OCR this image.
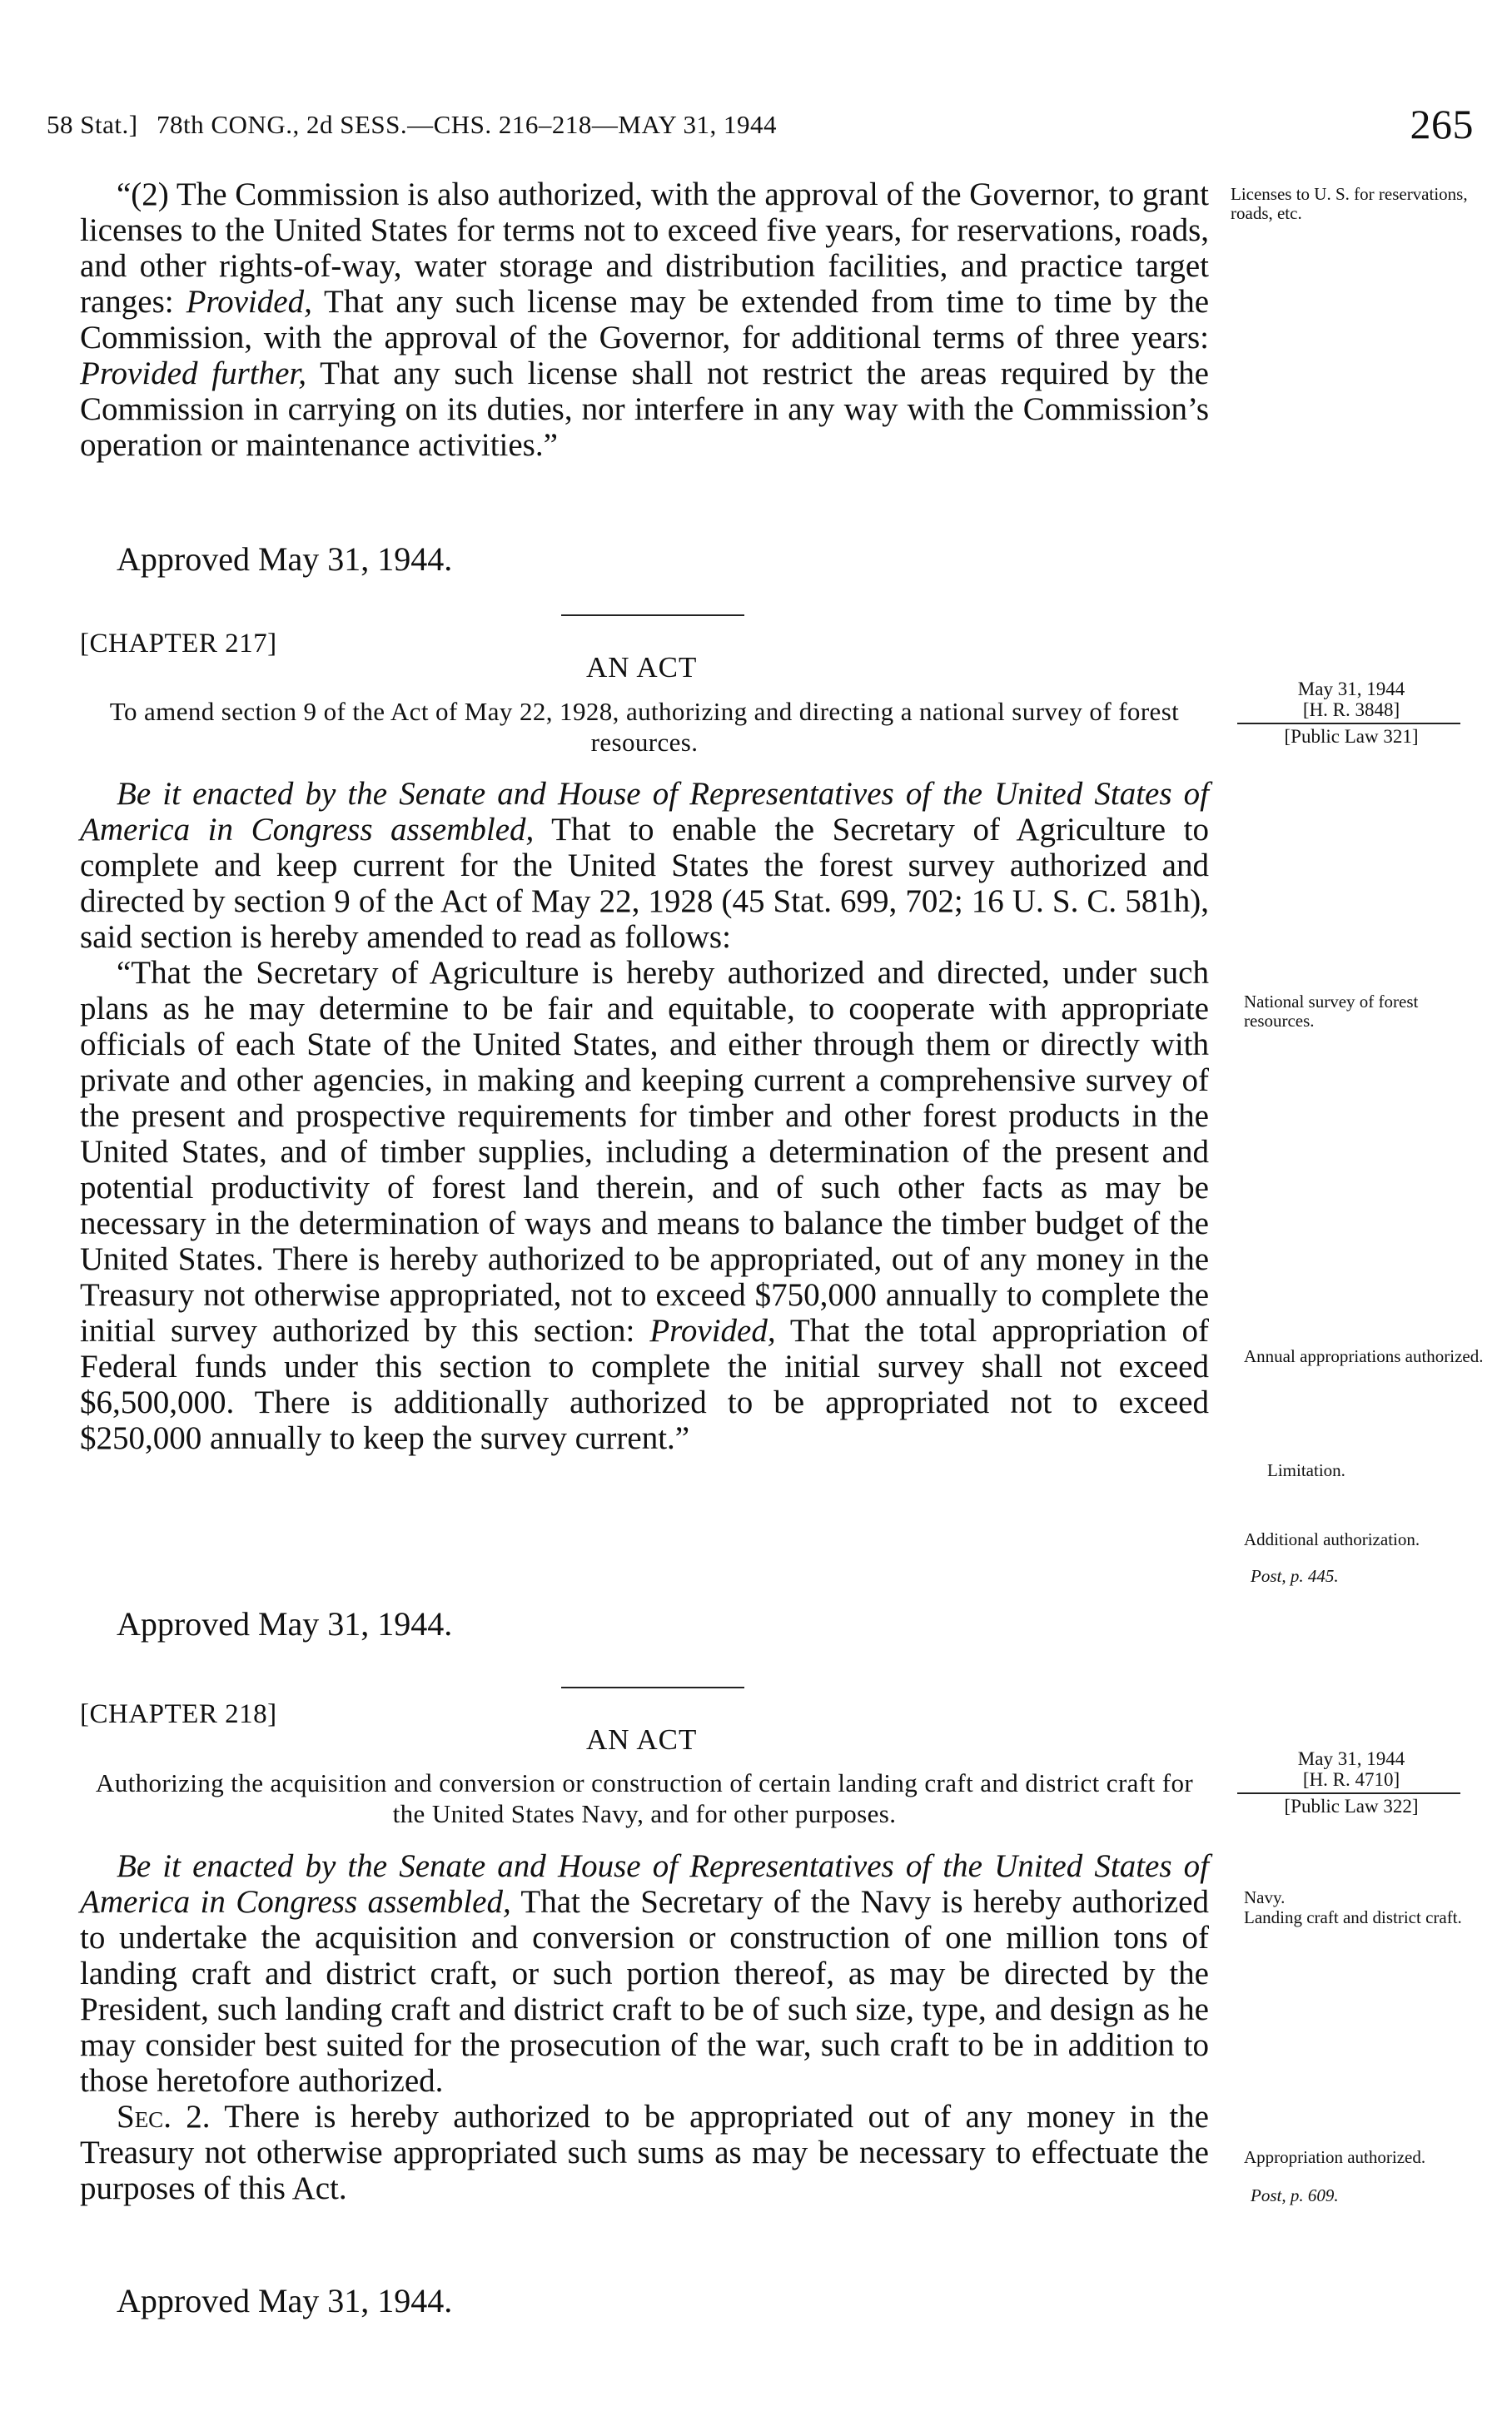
58 Stat.] 78th CONG., 2d SESS.—CHS. 216–218—MAY 31, 1944	265

“(2) The Commission is also authorized, with the approval of the Governor, to grant licenses to the United States for terms not to exceed five years, for reservations, roads, and other rights-of-way, water storage and distribution facilities, and practice target ranges: Provided, That any such license may be extended from time to time by the Commission, with the approval of the Governor, for additional terms of three years: Provided further, That any such license shall not restrict the areas required by the Commission in carrying on its duties, nor interfere in any way with the Commission’s operation or maintenance activities.”

Approved May 31, 1944.
Licenses to U. S. for reservations, roads, etc.
[CHAPTER 217]
AN ACT
To amend section 9 of the Act of May 22, 1928, authorizing and directing a national survey of forest resources.
May 31, 1944
[H. R. 3848]
[Public Law 321]

Be it enacted by the Senate and House of Representatives of the United States of America in Congress assembled, That to enable the Secretary of Agriculture to complete and keep current for the United States the forest survey authorized and directed by section 9 of the Act of May 22, 1928 (45 Stat. 699, 702; 16 U. S. C. 581h), said section is hereby amended to read as follows:

“That the Secretary of Agriculture is hereby authorized and directed, under such plans as he may determine to be fair and equitable, to cooperate with appropriate officials of each State of the United States, and either through them or directly with private and other agencies, in making and keeping current a comprehensive survey of the present and prospective requirements for timber and other forest products in the United States, and of timber supplies, including a determination of the present and potential productivity of forest land therein, and of such other facts as may be necessary in the determination of ways and means to balance the timber budget of the United States. There is hereby authorized to be appropriated, out of any money in the Treasury not otherwise appropriated, not to exceed $750,000 annually to complete the initial survey authorized by this section: Provided, That the total appropriation of Federal funds under this section to complete the initial survey shall not exceed $6,500,000. There is additionally authorized to be appropriated not to exceed $250,000 annually to keep the survey current.”

Approved May 31, 1944.
National survey of forest resources.
Annual appropriations authorized.
Limitation.
Additional authorization.
Post, p. 445.
[CHAPTER 218]
AN ACT
Authorizing the acquisition and conversion or construction of certain landing craft and district craft for the United States Navy, and for other purposes.
May 31, 1944
[H. R. 4710]
[Public Law 322]

Be it enacted by the Senate and House of Representatives of the United States of America in Congress assembled, That the Secretary of the Navy is hereby authorized to undertake the acquisition and conversion or construction of one million tons of landing craft and district craft, or such portion thereof, as may be directed by the President, such landing craft and district craft to be of such size, type, and design as he may consider best suited for the prosecution of the war, such craft to be in addition to those heretofore authorized.

Sec. 2. There is hereby authorized to be appropriated out of any money in the Treasury not otherwise appropriated such sums as may be necessary to effectuate the purposes of this Act.

Approved May 31, 1944.
Navy.
Landing craft and district craft.
Appropriation authorized.
Post, p. 609.
